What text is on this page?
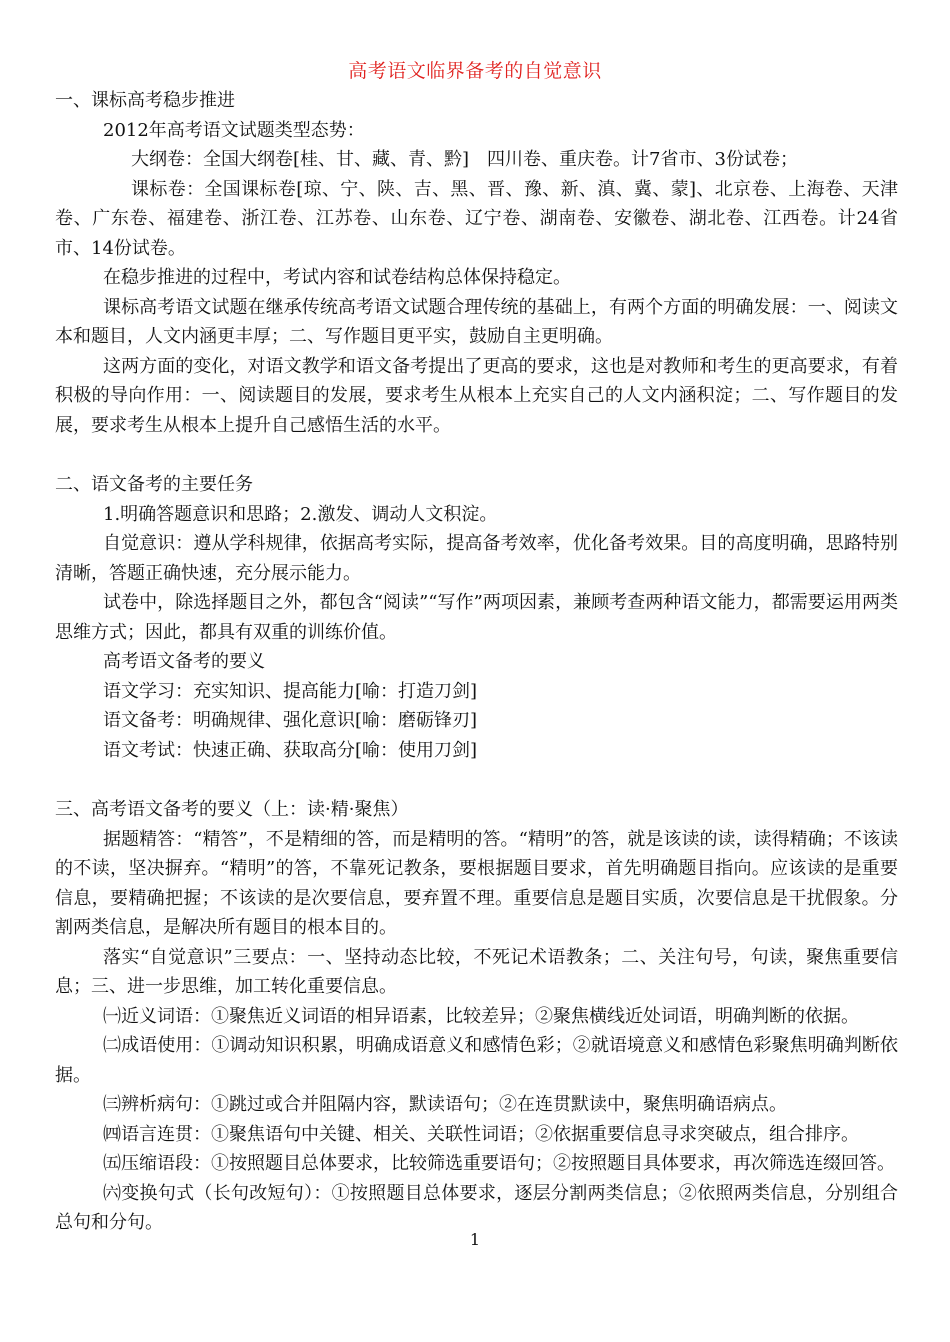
高考语文临界备考的自觉意识

一、课标高考稳步推进

2012年高考语文试题类型态势：

大纲卷：全国大纲卷[桂、甘、藏、青、黔]　四川卷、重庆卷。计7省市、3份试卷；

课标卷：全国课标卷[琼、宁、陕、吉、黑、晋、豫、新、滇、冀、蒙]、北京卷、上海卷、天津卷、广东卷、福建卷、浙江卷、江苏卷、山东卷、辽宁卷、湖南卷、安徽卷、湖北卷、江西卷。计24省市、14份试卷。

在稳步推进的过程中，考试内容和试卷结构总体保持稳定。

课标高考语文试题在继承传统高考语文试题合理传统的基础上，有两个方面的明确发展：一、阅读文本和题目，人文内涵更丰厚；二、写作题目更平实，鼓励自主更明确。

这两方面的变化，对语文教学和语文备考提出了更高的要求，这也是对教师和考生的更高要求，有着积极的导向作用：一、阅读题目的发展，要求考生从根本上充实自己的人文内涵积淀；二、写作题目的发展，要求考生从根本上提升自己感悟生活的水平。

二、语文备考的主要任务

1.明确答题意识和思路；2.激发、调动人文积淀。

自觉意识：遵从学科规律，依据高考实际，提高备考效率，优化备考效果。目的高度明确，思路特别清晰，答题正确快速，充分展示能力。

试卷中，除选择题目之外，都包含“阅读”“写作”两项因素，兼顾考查两种语文能力，都需要运用两类思维方式；因此，都具有双重的训练价值。

高考语文备考的要义

语文学习：充实知识、提高能力[喻：打造刀剑]

语文备考：明确规律、强化意识[喻：磨砺锋刃]

语文考试：快速正确、获取高分[喻：使用刀剑]

三、高考语文备考的要义（上：读·精·聚焦）

据题精答：“精答”，不是精细的答，而是精明的答。“精明”的答，就是该读的读，读得精确；不该读的不读，坚决摒弃。“精明”的答，不靠死记教条，要根据题目要求，首先明确题目指向。应该读的是重要信息，要精确把握；不该读的是次要信息，要弃置不理。重要信息是题目实质，次要信息是干扰假象。分割两类信息，是解决所有题目的根本目的。

落实“自觉意识”三要点：一、坚持动态比较，不死记术语教条；二、关注句号，句读，聚焦重要信息；三、进一步思维，加工转化重要信息。

㈠近义词语：①聚焦近义词语的相异语素，比较差异；②聚焦横线近处词语，明确判断的依据。

㈡成语使用：①调动知识积累，明确成语意义和感情色彩；②就语境意义和感情色彩聚焦明确判断依据。

㈢辨析病句：①跳过或合并阻隔内容，默读语句；②在连贯默读中，聚焦明确语病点。

㈣语言连贯：①聚焦语句中关键、相关、关联性词语；②依据重要信息寻求突破点，组合排序。

㈤压缩语段：①按照题目总体要求，比较筛选重要语句；②按照题目具体要求，再次筛选连缀回答。

㈥变换句式（长句改短句）：①按照题目总体要求，逐层分割两类信息；②依照两类信息，分别组合总句和分句。

1
